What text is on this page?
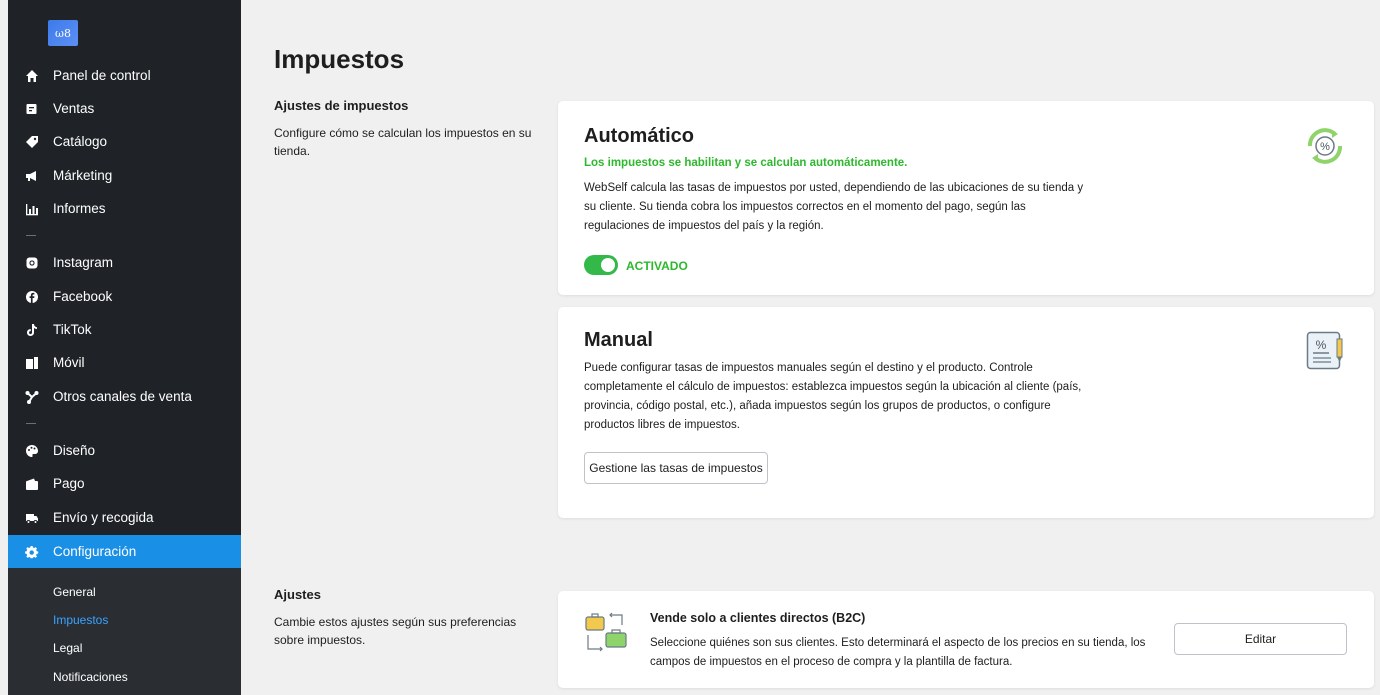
ω8
Panel de control
Ventas
Catálogo
Márketing
Informes
Instagram
Facebook
TikTok
Móvil
Otros canales de venta
Diseño
Pago
Envío y recogida
Configuración
General
Impuestos
Legal
Notificaciones
Impuestos
Ajustes de impuestos
Configure cómo se calculan los impuestos en su tienda.
Automático
Los impuestos se habilitan y se calculan automáticamente.
WebSelf calcula las tasas de impuestos por usted, dependiendo de las ubicaciones de su tienda y su cliente. Su tienda cobra los impuestos correctos en el momento del pago, según las regulaciones de impuestos del país y la región.
ACTIVADO
%
Manual
Puede configurar tasas de impuestos manuales según el destino y el producto. Controle completamente el cálculo de impuestos: establezca impuestos según la ubicación al cliente (país, provincia, código postal, etc.), añada impuestos según los grupos de productos, o configure productos libres de impuestos.
Gestione las tasas de impuestos
%
Ajustes
Cambie estos ajustes según sus preferencias sobre impuestos.
Vende solo a clientes directos (B2C)
Seleccione quiénes son sus clientes. Esto determinará el aspecto de los precios en su tienda, los campos de impuestos en el proceso de compra y la plantilla de factura.
Editar
